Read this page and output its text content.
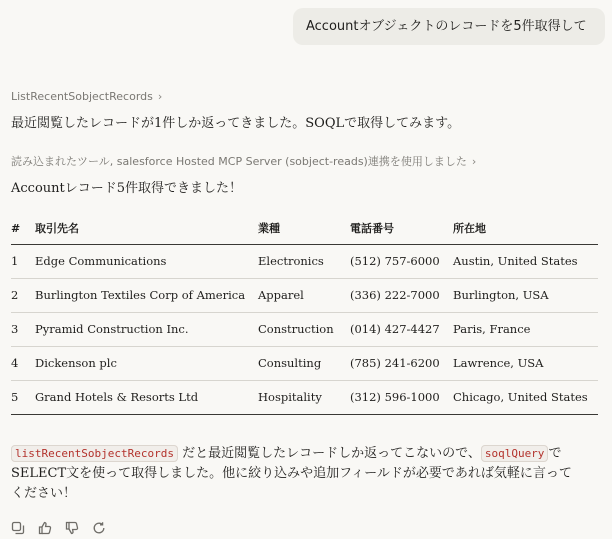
Accountオブジェクトのレコードを5件取得して
ListRecentSobjectRecords ›
最近閲覧したレコードが1件しか返ってきました。SOQLで取得してみます。
読み込まれたツール, salesforce Hosted MCP Server (sobject-reads)連携を使用しました ›
Accountレコード5件取得できました！
#	取引先名	業種	電話番号	所在地
1	Edge Communications	Electronics	(512) 757-6000	Austin, United States
2	Burlington Textiles Corp of America	Apparel	(336) 222-7000	Burlington, USA
3	Pyramid Construction Inc.	Construction	(014) 427-4427	Paris, France
4	Dickenson plc	Consulting	(785) 241-6200	Lawrence, USA
5	Grand Hotels & Resorts Ltd	Hospitality	(312) 596-1000	Chicago, United States
listRecentSobjectRecords だと最近閲覧したレコードしか返ってこないので、 soqlQuery でSELECT文を使って取得しました。他に絞り込みや追加フィールドが必要であれば気軽に言ってください！
